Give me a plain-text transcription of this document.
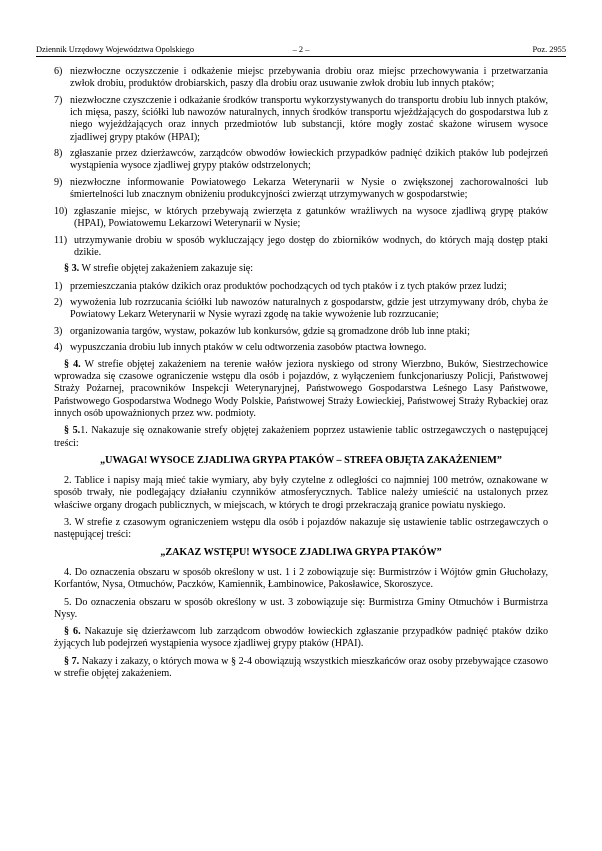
Dziennik Urzędowy Województwa Opolskiego	– 2 –	Poz. 2955
6) niezwłoczne oczyszczenie i odkażenie miejsc przebywania drobiu oraz miejsc przechowywania i przetwarzania zwłok drobiu, produktów drobiarskich, paszy dla drobiu oraz usuwanie zwłok drobiu lub innych ptaków;
7) niezwłoczne czyszczenie i odkażanie środków transportu wykorzystywanych do transportu drobiu lub innych ptaków, ich mięsa, paszy, ściółki lub nawozów naturalnych, innych środków transportu wjeżdżających do gospodarstwa lub z niego wyjeżdżających oraz innych przedmiotów lub substancji, które mogły zostać skażone wirusem wysoce zjadliwej grypy ptaków (HPAI);
8) zgłaszanie przez dzierżawców, zarządców obwodów łowieckich przypadków padnięć dzikich ptaków lub podejrzeń wystąpienia wysoce zjadliwej grypy ptaków odstrzelonych;
9) niezwłoczne informowanie Powiatowego Lekarza Weterynarii w Nysie o zwiększonej zachorowalności lub śmiertelności lub znacznym obniżeniu produkcyjności zwierząt utrzymywanych w gospodarstwie;
10) zgłaszanie miejsc, w których przebywają zwierzęta z gatunków wrażliwych na wysoce zjadliwą grypę ptaków (HPAI), Powiatowemu Lekarzowi Weterynarii w Nysie;
11) utrzymywanie drobiu w sposób wykluczający jego dostęp do zbiorników wodnych, do których mają dostęp ptaki dzikie.

§ 3. W strefie objętej zakażeniem zakazuje się:

1) przemieszczania ptaków dzikich oraz produktów pochodzących od tych ptaków i z tych ptaków przez ludzi;
2) wywożenia lub rozrzucania ściółki lub nawozów naturalnych z gospodarstw, gdzie jest utrzymywany drób, chyba że Powiatowy Lekarz Weterynarii w Nysie wyrazi zgodę na takie wywożenie lub rozrzucanie;
3) organizowania targów, wystaw, pokazów lub konkursów, gdzie są gromadzone drób lub inne ptaki;
4) wypuszczania drobiu lub innych ptaków w celu odtworzenia zasobów ptactwa łownego.

§ 4. W strefie objętej zakażeniem na terenie wałów jeziora nyskiego od strony Wierzbno, Buków, Siestrzechowice wprowadza się czasowe ograniczenie wstępu dla osób i pojazdów, z wyłączeniem funkcjonariuszy Policji, Państwowej Straży Pożarnej, pracowników Inspekcji Weterynaryjnej, Państwowego Gospodarstwa Leśnego Lasy Państwowe, Państwowego Gospodarstwa Wodnego Wody Polskie, Państwowej Straży Łowieckiej, Państwowej Straży Rybackiej oraz innych osób upoważnionych przez ww. podmioty.

§ 5.1. Nakazuje się oznakowanie strefy objętej zakażeniem poprzez ustawienie tablic ostrzegawczych o następującej treści:

„UWAGA! WYSOCE ZJADLIWA GRYPA PTAKÓW – STREFA OBJĘTA ZAKAŻENIEM”

2. Tablice i napisy mają mieć takie wymiary, aby były czytelne z odległości co najmniej 100 metrów, oznakowane w sposób trwały, nie podlegający działaniu czynników atmosferycznych. Tablice należy umieścić na ustalonych przez właściwe organy drogach publicznych, w miejscach, w których te drogi przekraczają granice powiatu nyskiego.

3. W strefie z czasowym ograniczeniem wstępu dla osób i pojazdów nakazuje się ustawienie tablic ostrzegawczych o następującej treści:

„ZAKAZ WSTĘPU! WYSOCE ZJADLIWA GRYPA PTAKÓW”

4. Do oznaczenia obszaru w sposób określony w ust. 1 i 2 zobowiązuje się: Burmistrzów i Wójtów gmin Głuchołazy, Korfantów, Nysa, Otmuchów, Paczków, Kamiennik, Łambinowice, Pakosławice, Skoroszyce.

5. Do oznaczenia obszaru w sposób określony w ust. 3 zobowiązuje się: Burmistrza Gminy Otmuchów i Burmistrza Nysy.

§ 6. Nakazuje się dzierżawcom lub zarządcom obwodów łowieckich zgłaszanie przypadków padnięć ptaków dziko żyjących lub podejrzeń wystąpienia wysoce zjadliwej grypy ptaków (HPAI).

§ 7. Nakazy i zakazy, o których mowa w § 2-4 obowiązują wszystkich mieszkańców oraz osoby przebywające czasowo w strefie objętej zakażeniem.
